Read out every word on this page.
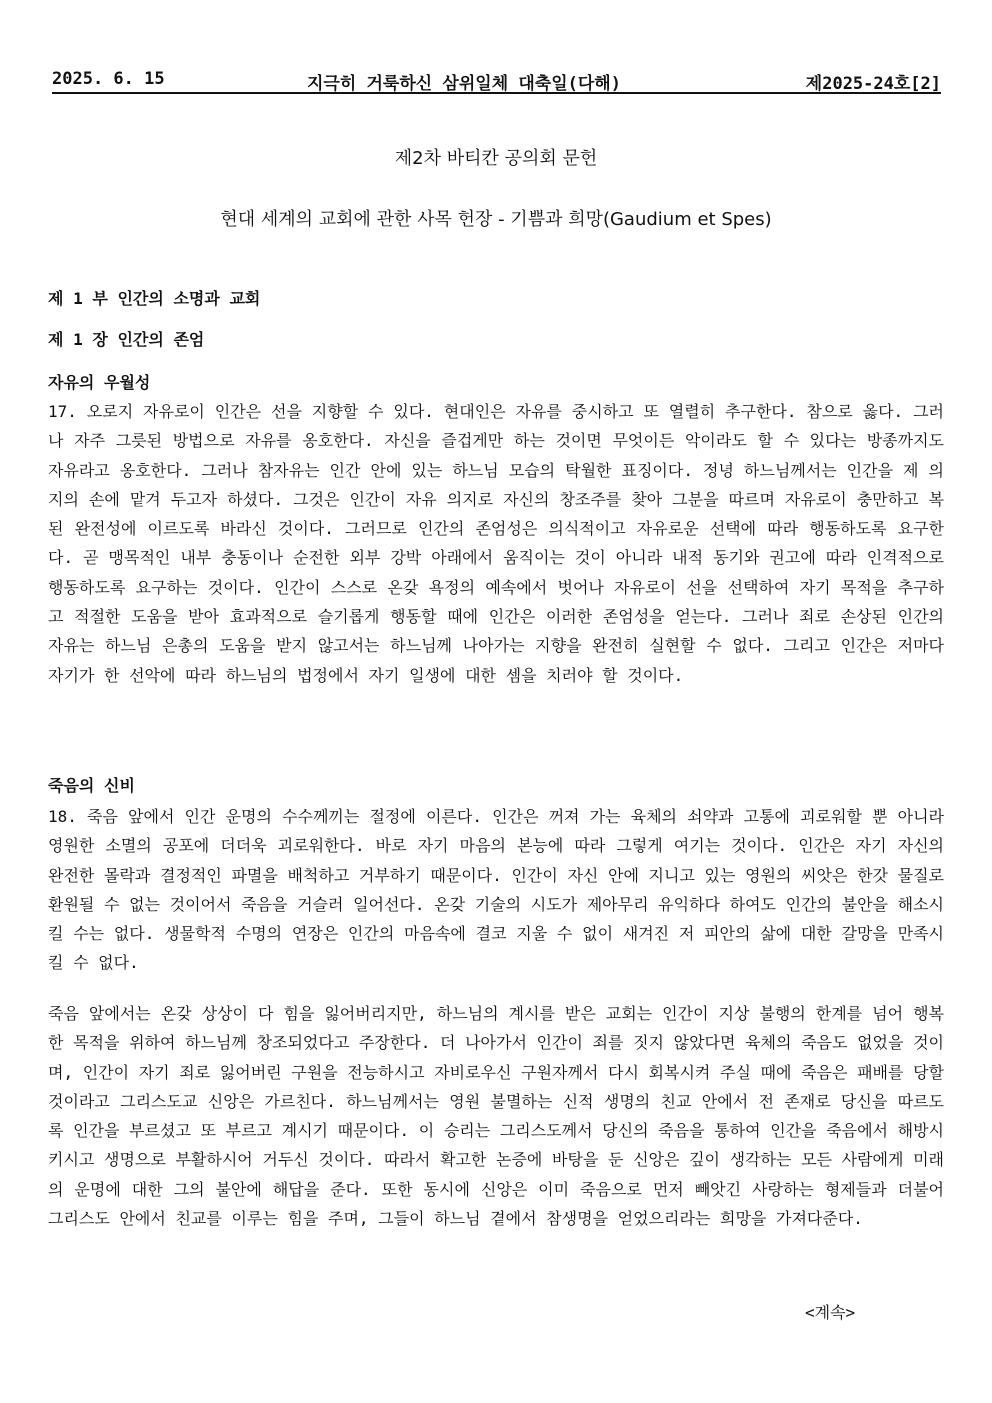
2025. 6. 15	지극히 거룩하신 삼위일체 대축일(다해)	제2025-24호[2]
제2차 바티칸 공의회 문헌
현대 세계의 교회에 관한 사목 헌장 - 기쁨과 희망(Gaudium et Spes)
제 1 부 인간의 소명과 교회
제 1 장 인간의 존엄
자유의 우월성

17. 오로지 자유로이 인간은 선을 지향할 수 있다. 현대인은 자유를 중시하고 또 열렬히 추구한다. 참으로 옳다. 그러나 자주 그릇된 방법으로 자유를 옹호한다. 자신을 즐겁게만 하는 것이면 무엇이든 악이라도 할 수 있다는 방종까지도 자유라고 옹호한다. 그러나 참자유는 인간 안에 있는 하느님 모습의 탁월한 표징이다. 정녕 하느님께서는 인간을 제 의지의 손에 맡겨 두고자 하셨다. 그것은 인간이 자유 의지로 자신의 창조주를 찾아 그분을 따르며 자유로이 충만하고 복된 완전성에 이르도록 바라신 것이다. 그러므로 인간의 존엄성은 의식적이고 자유로운 선택에 따라 행동하도록 요구한다. 곧 맹목적인 내부 충동이나 순전한 외부 강박 아래에서 움직이는 것이 아니라 내적 동기와 권고에 따라 인격적으로 행동하도록 요구하는 것이다. 인간이 스스로 온갖 욕정의 예속에서 벗어나 자유로이 선을 선택하여 자기 목적을 추구하고 적절한 도움을 받아 효과적으로 슬기롭게 행동할 때에 인간은 이러한 존엄성을 얻는다. 그러나 죄로 손상된 인간의 자유는 하느님 은총의 도움을 받지 않고서는 하느님께 나아가는 지향을 완전히 실현할 수 없다. 그리고 인간은 저마다 자기가 한 선악에 따라 하느님의 법정에서 자기 일생에 대한 셈을 치러야 할 것이다.

죽음의 신비

18. 죽음 앞에서 인간 운명의 수수께끼는 절정에 이른다. 인간은 꺼져 가는 육체의 쇠약과 고통에 괴로워할 뿐 아니라 영원한 소멸의 공포에 더더욱 괴로워한다. 바로 자기 마음의 본능에 따라 그렇게 여기는 것이다. 인간은 자기 자신의 완전한 몰락과 결정적인 파멸을 배척하고 거부하기 때문이다. 인간이 자신 안에 지니고 있는 영원의 씨앗은 한갓 물질로 환원될 수 없는 것이어서 죽음을 거슬러 일어선다. 온갖 기술의 시도가 제아무리 유익하다 하여도 인간의 불안을 해소시킬 수는 없다. 생물학적 수명의 연장은 인간의 마음속에 결코 지울 수 없이 새겨진 저 피안의 삶에 대한 갈망을 만족시킬 수 없다.

죽음 앞에서는 온갖 상상이 다 힘을 잃어버리지만, 하느님의 계시를 받은 교회는 인간이 지상 불행의 한계를 넘어 행복한 목적을 위하여 하느님께 창조되었다고 주장한다. 더 나아가서 인간이 죄를 짓지 않았다면 육체의 죽음도 없었을 것이며, 인간이 자기 죄로 잃어버린 구원을 전능하시고 자비로우신 구원자께서 다시 회복시켜 주실 때에 죽음은 패배를 당할 것이라고 그리스도교 신앙은 가르친다. 하느님께서는 영원 불멸하는 신적 생명의 친교 안에서 전 존재로 당신을 따르도록 인간을 부르셨고 또 부르고 계시기 때문이다. 이 승리는 그리스도께서 당신의 죽음을 통하여 인간을 죽음에서 해방시키시고 생명으로 부활하시어 거두신 것이다. 따라서 확고한 논증에 바탕을 둔 신앙은 깊이 생각하는 모든 사람에게 미래의 운명에 대한 그의 불안에 해답을 준다. 또한 동시에 신앙은 이미 죽음으로 먼저 빼앗긴 사랑하는 형제들과 더불어 그리스도 안에서 친교를 이루는 힘을 주며, 그들이 하느님 곁에서 참생명을 얻었으리라는 희망을 가져다준다.

<계속>
